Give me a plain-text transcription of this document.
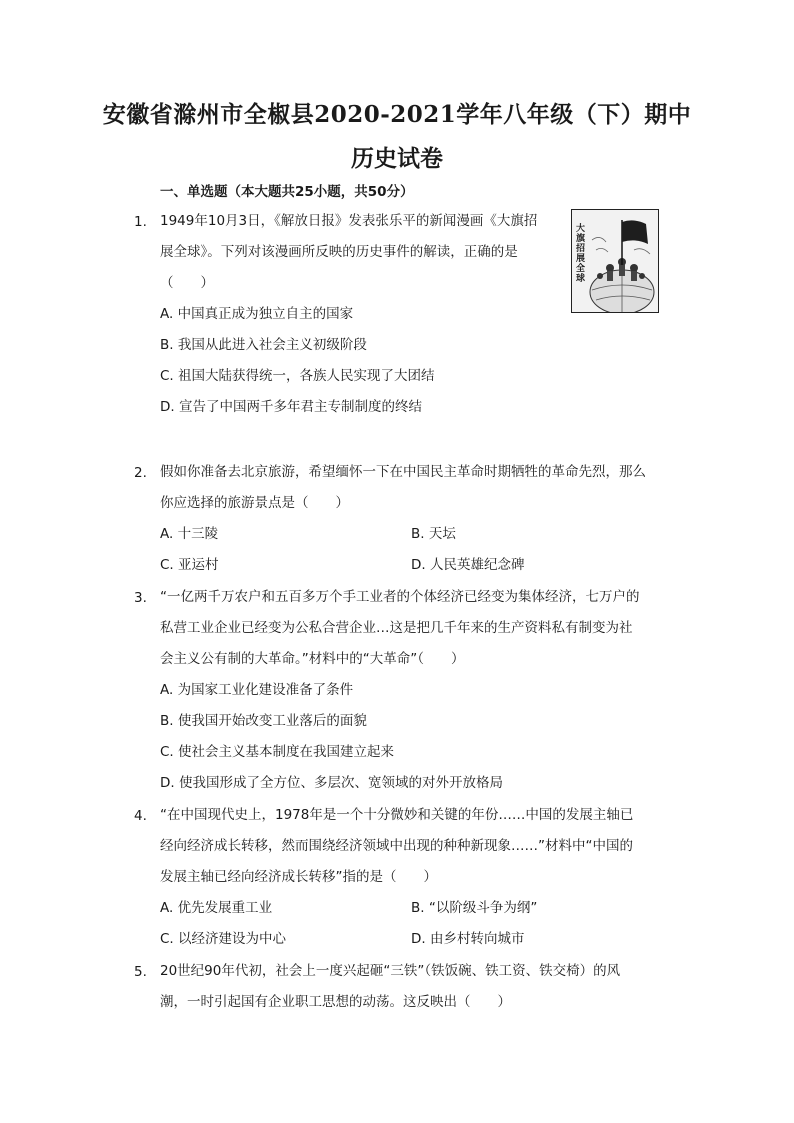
安徽省滁州市全椒县2020-2021学年八年级（下）期中
历史试卷
一、单选题（本大题共25小题，共50分）
1. 1949年10月3日，《解放日报》发表张乐平的新闻漫画《大旗招
展全球》。下列对该漫画所反映的历史事件的解读，正确的是
（　　）
A. 中国真正成为独立自主的国家
B. 我国从此进入社会主义初级阶段
C. 祖国大陆获得统一，各族人民实现了大团结
D. 宣告了中国两千多年君主专制制度的终结
大旗招展全球
2. 假如你准备去北京旅游，希望缅怀一下在中国民主革命时期牺牲的革命先烈，那么
你应选择的旅游景点是（　　）
A. 十三陵	B. 天坛
C. 亚运村	D. 人民英雄纪念碑
3. “一亿两千万农户和五百多万个手工业者的个体经济已经变为集体经济，七万户的
私营工业企业已经变为公私合营企业…这是把几千年来的生产资料私有制变为社
会主义公有制的大革命。”材料中的“大革命”（　　）
A. 为国家工业化建设准备了条件
B. 使我国开始改变工业落后的面貌
C. 使社会主义基本制度在我国建立起来
D. 使我国形成了全方位、多层次、宽领域的对外开放格局
4. “在中国现代史上，1978年是一个十分微妙和关键的年份……中国的发展主轴已
经向经济成长转移，然而围绕经济领域中出现的种种新现象……”材料中“中国的
发展主轴已经向经济成长转移”指的是（　　）
A. 优先发展重工业	B. “以阶级斗争为纲”
C. 以经济建设为中心	D. 由乡村转向城市
5. 20世纪90年代初，社会上一度兴起砸“三铁”（铁饭碗、铁工资、铁交椅）的风
潮，一时引起国有企业职工思想的动荡。这反映出（　　）
